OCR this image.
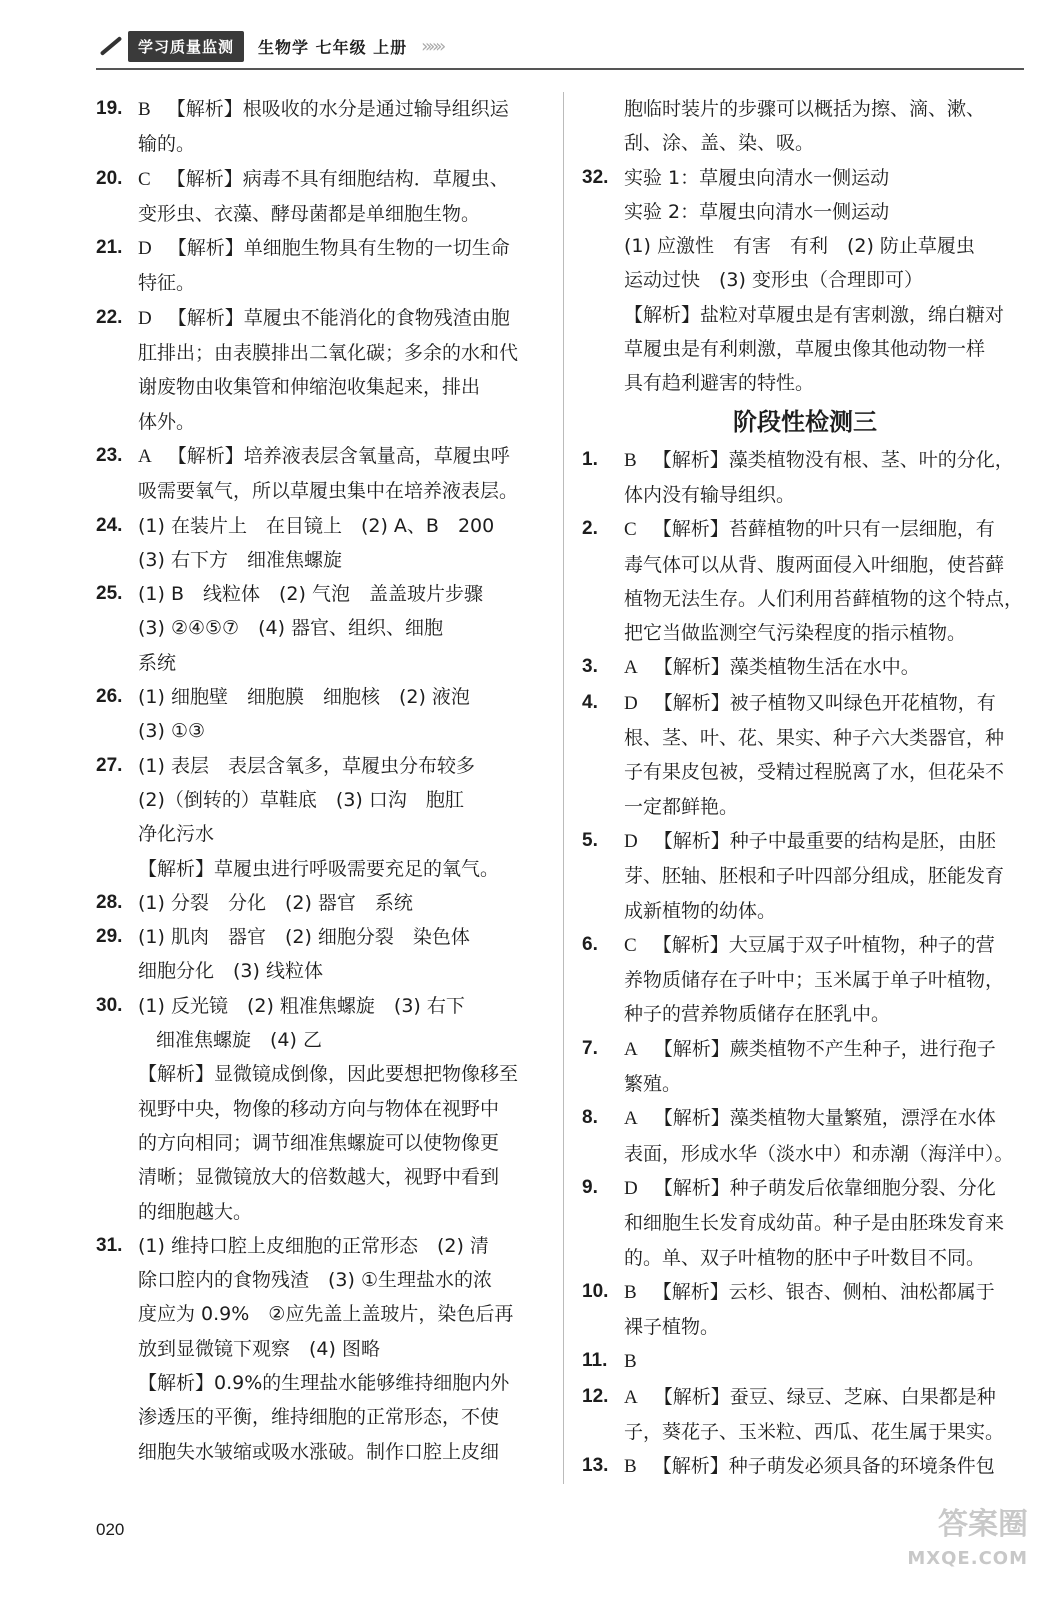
学习质量监测	生物学 七年级 上册 »»»
19. B 【解析】根吸收的水分是通过输导组织运
输的。
20. C 【解析】病毒不具有细胞结构．草履虫、
变形虫、衣藻、酵母菌都是单细胞生物。
21. D 【解析】单细胞生物具有生物的一切生命
特征。
22. D 【解析】草履虫不能消化的食物残渣由胞
肛排出；由表膜排出二氧化碳；多余的水和代
谢废物由收集管和伸缩泡收集起来，排出
体外。
23. A 【解析】培养液表层含氧量高，草履虫呼
吸需要氧气，所以草履虫集中在培养液表层。
24. (1) 在装片上　在目镜上　(2) A、B　200
(3) 右下方　细准焦螺旋
25. (1) B　线粒体　(2) 气泡　盖盖玻片步骤
(3) ②④⑤⑦　(4) 器官、组织、细胞
系统
26. (1) 细胞壁　细胞膜　细胞核　(2) 液泡
(3) ①③
27. (1) 表层　表层含氧多，草履虫分布较多
(2)（倒转的）草鞋底　(3) 口沟　胞肛
净化污水
【解析】草履虫进行呼吸需要充足的氧气。
28. (1) 分裂　分化　(2) 器官　系统
29. (1) 肌肉　器官　(2) 细胞分裂　染色体
细胞分化　(3) 线粒体
30. (1) 反光镜　(2) 粗准焦螺旋　(3) 右下
细准焦螺旋　(4) 乙
【解析】显微镜成倒像，因此要想把物像移至
视野中央，物像的移动方向与物体在视野中
的方向相同；调节细准焦螺旋可以使物像更
清晰；显微镜放大的倍数越大，视野中看到
的细胞越大。
31. (1) 维持口腔上皮细胞的正常形态　(2) 清
除口腔内的食物残渣　(3) ①生理盐水的浓
度应为 0.9%　②应先盖上盖玻片，染色后再
放到显微镜下观察　(4) 图略
【解析】0.9%的生理盐水能够维持细胞内外
渗透压的平衡，维持细胞的正常形态，不使
细胞失水皱缩或吸水涨破。制作口腔上皮细
胞临时装片的步骤可以概括为擦、滴、漱、
刮、涂、盖、染、吸。
32. 实验 1：草履虫向清水一侧运动
实验 2：草履虫向清水一侧运动
(1) 应激性　有害　有利　(2) 防止草履虫
运动过快　(3) 变形虫（合理即可）
【解析】盐粒对草履虫是有害刺激，绵白糖对
草履虫是有利刺激，草履虫像其他动物一样
具有趋利避害的特性。
阶段性检测三
1.	B 【解析】藻类植物没有根、茎、叶的分化，
体内没有输导组织。
2.	C 【解析】苔藓植物的叶只有一层细胞，有
毒气体可以从背、腹两面侵入叶细胞，使苔藓
植物无法生存。人们利用苔藓植物的这个特点，
把它当做监测空气污染程度的指示植物。
3.	A 【解析】藻类植物生活在水中。
4.	D 【解析】被子植物又叫绿色开花植物，有
根、茎、叶、花、果实、种子六大类器官，种
子有果皮包被，受精过程脱离了水，但花朵不
一定都鲜艳。
5.	D 【解析】种子中最重要的结构是胚，由胚
芽、胚轴、胚根和子叶四部分组成，胚能发育
成新植物的幼体。
6.	C 【解析】大豆属于双子叶植物，种子的营
养物质储存在子叶中；玉米属于单子叶植物，
种子的营养物质储存在胚乳中。
7.	A 【解析】蕨类植物不产生种子，进行孢子
繁殖。
8.	A 【解析】藻类植物大量繁殖，漂浮在水体
表面，形成水华（淡水中）和赤潮（海洋中）。
9.	D 【解析】种子萌发后依靠细胞分裂、分化
和细胞生长发育成幼苗。种子是由胚珠发育来
的。单、双子叶植物的胚中子叶数目不同。
10. B 【解析】云杉、银杏、侧柏、油松都属于
裸子植物。
11. B
12. A 【解析】蚕豆、绿豆、芝麻、白果都是种
子，葵花子、玉米粒、西瓜、花生属于果实。
13. B 【解析】种子萌发必须具备的环境条件包
020	答案圈
MXQE.COM
